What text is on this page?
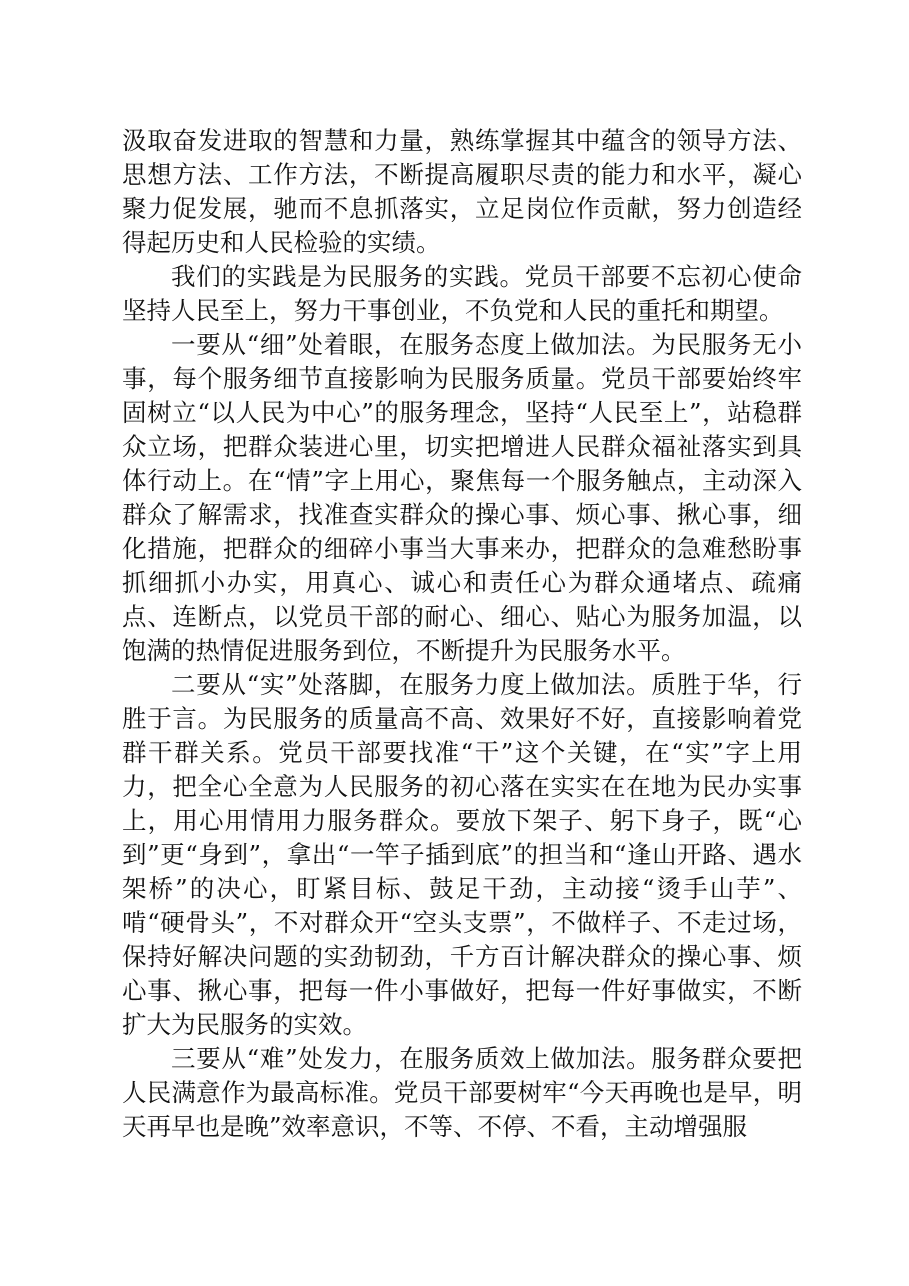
汲取奋发进取的智慧和力量，熟练掌握其中蕴含的领导方法、思想方法、工作方法，不断提高履职尽责的能力和水平，凝心聚力促发展，驰而不息抓落实，立足岗位作贡献，努力创造经得起历史和人民检验的实绩。

我们的实践是为民服务的实践。党员干部要不忘初心使命坚持人民至上，努力干事创业，不负党和人民的重托和期望。

一要从“细”处着眼，在服务态度上做加法。为民服务无小事，每个服务细节直接影响为民服务质量。党员干部要始终牢固树立“以人民为中心”的服务理念，坚持“人民至上”，站稳群众立场，把群众装进心里，切实把增进人民群众福祉落实到具体行动上。在“情”字上用心，聚焦每一个服务触点，主动深入群众了解需求，找准查实群众的操心事、烦心事、揪心事，细化措施，把群众的细碎小事当大事来办，把群众的急难愁盼事抓细抓小办实，用真心、诚心和责任心为群众通堵点、疏痛点、连断点，以党员干部的耐心、细心、贴心为服务加温，以饱满的热情促进服务到位，不断提升为民服务水平。

二要从“实”处落脚，在服务力度上做加法。质胜于华，行胜于言。为民服务的质量高不高、效果好不好，直接影响着党群干群关系。党员干部要找准“干”这个关键，在“实”字上用力，把全心全意为人民服务的初心落在实实在在地为民办实事上，用心用情用力服务群众。要放下架子、躬下身子，既“心到”更“身到”，拿出“一竿子插到底”的担当和“逢山开路、遇水架桥”的决心，盯紧目标、鼓足干劲，主动接“烫手山芋”、啃“硬骨头”，不对群众开“空头支票”，不做样子、不走过场，保持好解决问题的实劲韧劲，千方百计解决群众的操心事、烦心事、揪心事，把每一件小事做好，把每一件好事做实，不断扩大为民服务的实效。

三要从“难”处发力，在服务质效上做加法。服务群众要把人民满意作为最高标准。党员干部要树牢“今天再晚也是早，明天再早也是晚”效率意识，不等、不停、不看，主动增强服
